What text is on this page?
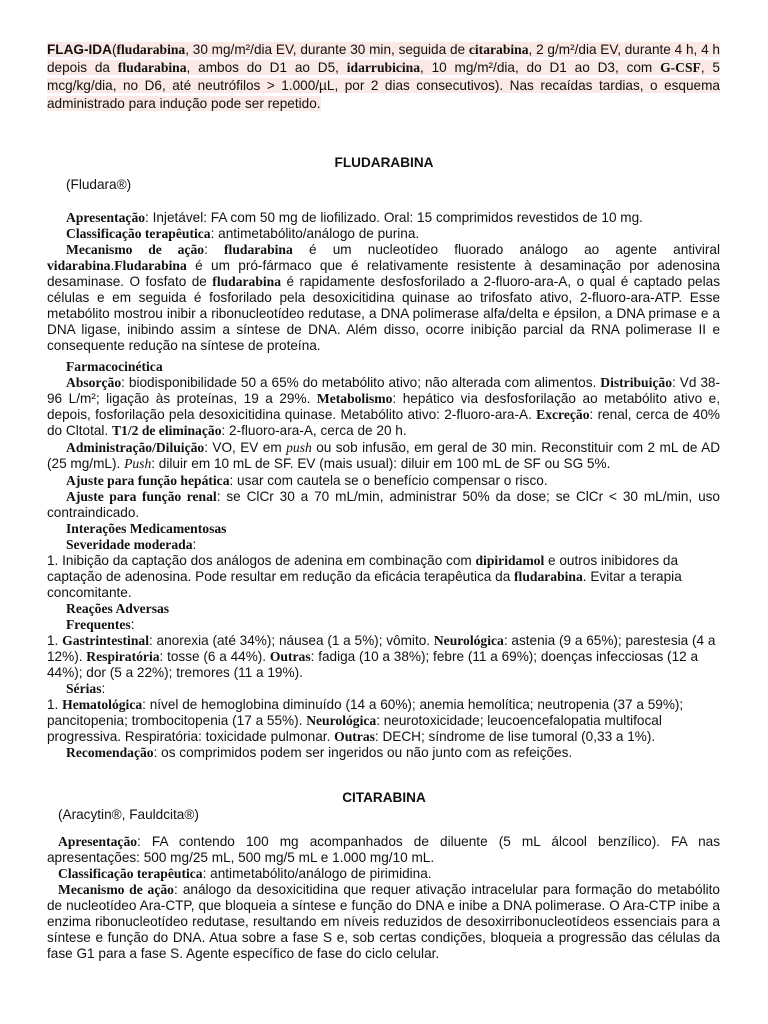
FLAG-IDA(fludarabina, 30 mg/m²/dia EV, durante 30 min, seguida de citarabina, 2 g/m²/dia EV, durante 4 h, 4 h depois da fludarabina, ambos do D1 ao D5, idarrubicina, 10 mg/m²/dia, do D1 ao D3, com G-CSF, 5 mcg/kg/dia, no D6, até neutrófilos > 1.000/µL, por 2 dias consecutivos). Nas recaídas tardias, o esquema administrado para indução pode ser repetido.

FLUDARABINA
(Fludara®)

Apresentação: Injetável: FA com 50 mg de liofilizado. Oral: 15 comprimidos revestidos de 10 mg.

Classificação terapêutica: antimetabólito/análogo de purina.

Mecanismo de ação: fludarabina é um nucleotídeo fluorado análogo ao agente antiviral vidarabina.Fludarabina é um pró-fármaco que é relativamente resistente à desaminação por adenosina desaminase. O fosfato de fludarabina é rapidamente desfosforilado a 2-fluoro-ara-A, o qual é captado pelas células e em seguida é fosforilado pela desoxicitidina quinase ao trifosfato ativo, 2-fluoro-ara-ATP. Esse metabólito mostrou inibir a ribonucleotídeo redutase, a DNA polimerase alfa/delta e épsilon, a DNA primase e a DNA ligase, inibindo assim a síntese de DNA. Além disso, ocorre inibição parcial da RNA polimerase II e consequente redução na síntese de proteína.

Farmacocinética

Absorção: biodisponibilidade 50 a 65% do metabólito ativo; não alterada com alimentos. Distribuição: Vd 38-96 L/m²; ligação às proteínas, 19 a 29%. Metabolismo: hepático via desfosforilação ao metabólito ativo e, depois, fosforilação pela desoxicitidina quinase. Metabólito ativo: 2-fluoro-ara-A. Excreção: renal, cerca de 40% do Cltotal. T1/2 de eliminação: 2-fluoro-ara-A, cerca de 20 h.

Administração/Diluição: VO, EV em push ou sob infusão, em geral de 30 min. Reconstituir com 2 mL de AD (25 mg/mL). Push: diluir em 10 mL de SF. EV (mais usual): diluir em 100 mL de SF ou SG 5%.

Ajuste para função hepática: usar com cautela se o benefício compensar o risco.

Ajuste para função renal: se ClCr 30 a 70 mL/min, administrar 50% da dose; se ClCr < 30 mL/min, uso contraindicado.

Interações Medicamentosas

Severidade moderada:

1. Inibição da captação dos análogos de adenina em combinação com dipiridamol e outros inibidores da captação de adenosina. Pode resultar em redução da eficácia terapêutica da fludarabina. Evitar a terapia concomitante.

Reações Adversas

Frequentes:

1. Gastrintestinal: anorexia (até 34%); náusea (1 a 5%); vômito. Neurológica: astenia (9 a 65%); parestesia (4 a 12%). Respiratória: tosse (6 a 44%). Outras: fadiga (10 a 38%); febre (11 a 69%); doenças infecciosas (12 a 44%); dor (5 a 22%); tremores (11 a 19%).

Sérias:

1. Hematológica: nível de hemoglobina diminuído (14 a 60%); anemia hemolítica; neutropenia (37 a 59%); pancitopenia; trombocitopenia (17 a 55%). Neurológica: neurotoxicidade; leucoencefalopatia multifocal progressiva. Respiratória: toxicidade pulmonar. Outras: DECH; síndrome de lise tumoral (0,33 a 1%).

Recomendação: os comprimidos podem ser ingeridos ou não junto com as refeições.

CITARABINA
(Aracytin®, Fauldcita®)

Apresentação: FA contendo 100 mg acompanhados de diluente (5 mL álcool benzílico). FA nas apresentações: 500 mg/25 mL, 500 mg/5 mL e 1.000 mg/10 mL.

Classificação terapêutica: antimetabólito/análogo de pirimidina.

Mecanismo de ação: análogo da desoxicitidina que requer ativação intracelular para formação do metabólito de nucleotídeo Ara-CTP, que bloqueia a síntese e função do DNA e inibe a DNA polimerase. O Ara-CTP inibe a enzima ribonucleotídeo redutase, resultando em níveis reduzidos de desoxirribonucleotídeos essenciais para a síntese e função do DNA. Atua sobre a fase S e, sob certas condições, bloqueia a progressão das células da fase G1 para a fase S. Agente específico de fase do ciclo celular.
